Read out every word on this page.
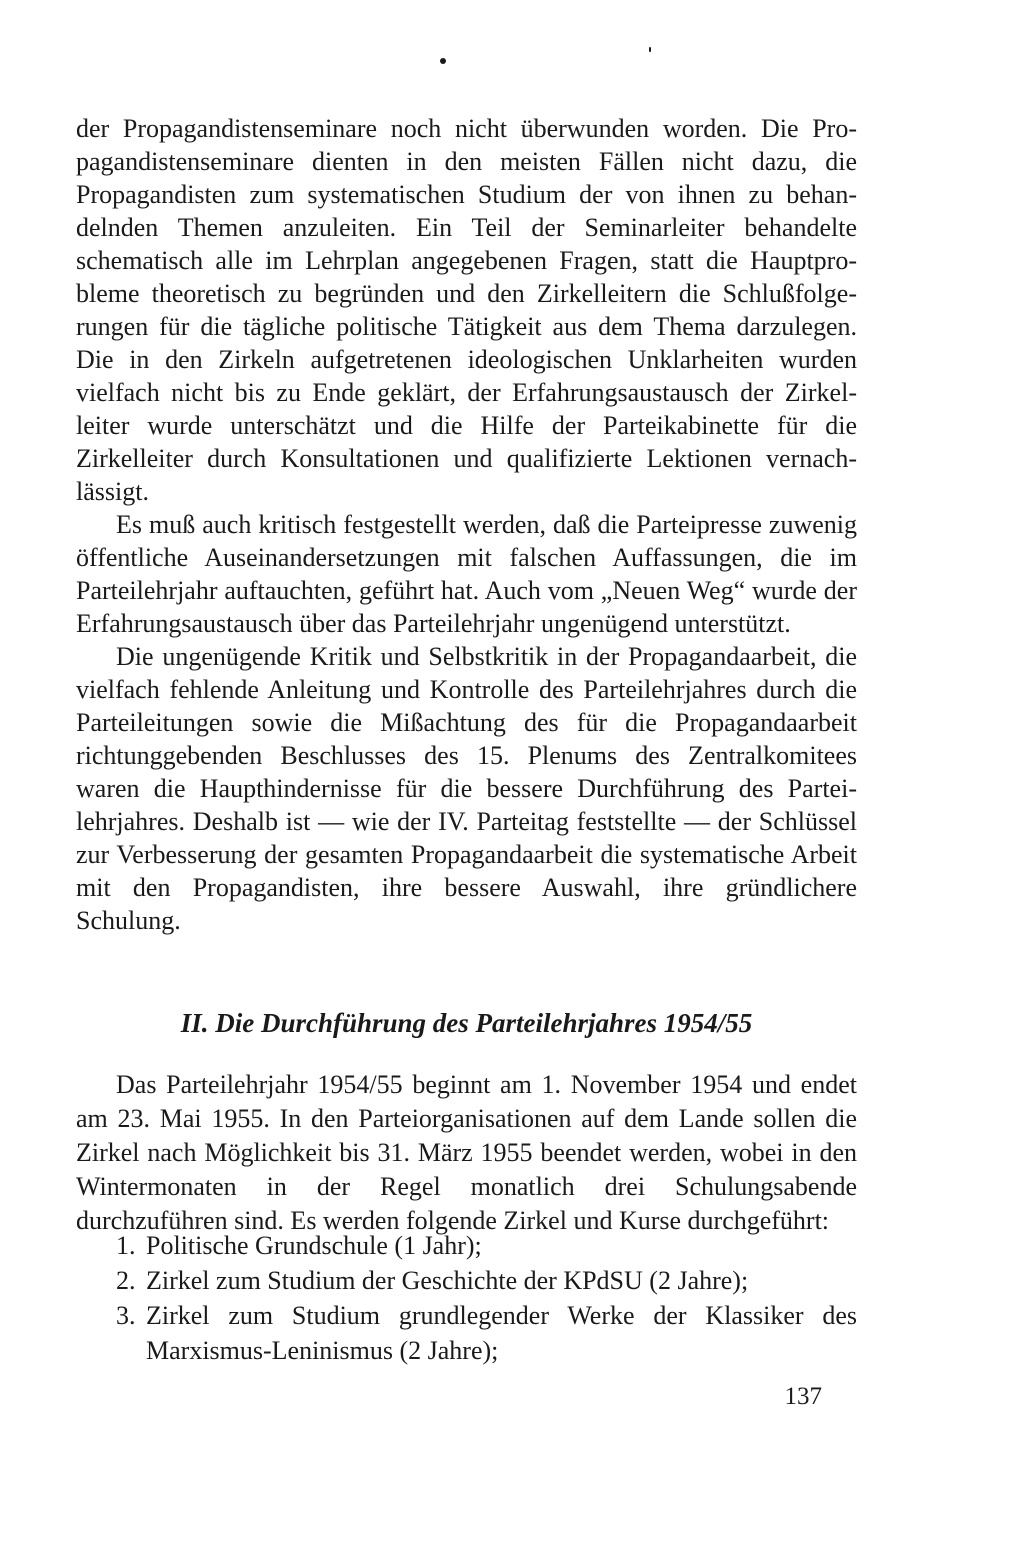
der Propagandistenseminare noch nicht überwunden worden. Die Propagandistenseminare dienten in den meisten Fällen nicht dazu, die Propagandisten zum systematischen Studium der von ihnen zu behandelnden Themen anzuleiten. Ein Teil der Seminarleiter behandelte schematisch alle im Lehrplan angegebenen Fragen, statt die Hauptprobleme theoretisch zu begründen und den Zirkelleitern die Schlußfolgerungen für die tägliche politische Tätigkeit aus dem Thema darzulegen. Die in den Zirkeln aufgetretenen ideologischen Unklarheiten wurden vielfach nicht bis zu Ende geklärt, der Erfahrungsaustausch der Zirkelleiter wurde unterschätzt und die Hilfe der Parteikabinette für die Zirkelleiter durch Konsultationen und qualifizierte Lektionen vernachlässigt.

Es muß auch kritisch festgestellt werden, daß die Parteipresse zuwenig öffentliche Auseinandersetzungen mit falschen Auffassungen, die im Parteilehrjahr auftauchten, geführt hat. Auch vom „Neuen Weg“ wurde der Erfahrungsaustausch über das Parteilehrjahr ungenügend unterstützt.

Die ungenügende Kritik und Selbstkritik in der Propagandaarbeit, die vielfach fehlende Anleitung und Kontrolle des Parteilehrjahres durch die Parteileitungen sowie die Mißachtung des für die Propagandaarbeit richtunggebenden Beschlusses des 15. Plenums des Zentralkomitees waren die Haupthindernisse für die bessere Durchführung des Parteilehrjahres. Deshalb ist — wie der IV. Parteitag feststellte — der Schlüssel zur Verbesserung der gesamten Propagandaarbeit die systematische Arbeit mit den Propagandisten, ihre bessere Auswahl, ihre gründlichere Schulung.

II. Die Durchführung des Parteilehrjahres 1954/55

Das Parteilehrjahr 1954/55 beginnt am 1. November 1954 und endet am 23. Mai 1955. In den Parteiorganisationen auf dem Lande sollen die Zirkel nach Möglichkeit bis 31. März 1955 beendet werden, wobei in den Wintermonaten in der Regel monatlich drei Schulungsabende durchzuführen sind. Es werden folgende Zirkel und Kurse durchgeführt:

1. Politische Grundschule (1 Jahr);
2. Zirkel zum Studium der Geschichte der KPdSU (2 Jahre);
3. Zirkel zum Studium grundlegender Werke der Klassiker des Marxismus-Leninismus (2 Jahre);
137
